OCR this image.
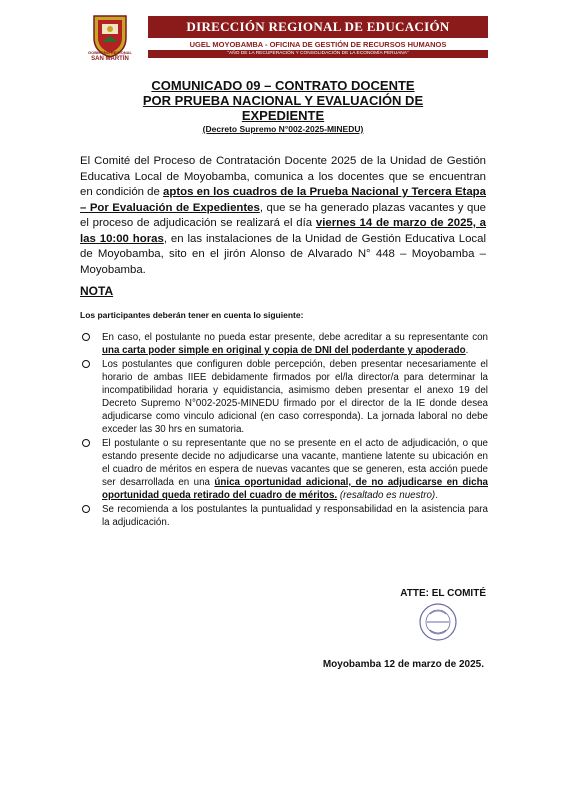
GOBIERNO REGIONAL
SAN MARTÍN
DIRECCIÓN REGIONAL DE EDUCACIÓN
UGEL MOYOBAMBA - OFICINA DE GESTIÓN DE RECURSOS HUMANOS
"AÑO DE LA RECUPERACIÓN Y CONSOLIDACIÓN DE LA ECONOMÍA PERUANA"

COMUNICADO 09 – CONTRATO DOCENTE

POR PRUEBA NACIONAL Y EVALUACIÓN DE

EXPEDIENTE

(Decreto Supremo N°002-2025-MINEDU)

El Comité del Proceso de Contratación Docente 2025 de la Unidad de Gestión Educativa Local de Moyobamba, comunica a los docentes que se encuentran en condición de aptos en los cuadros de la Prueba Nacional y Tercera Etapa – Por Evaluación de Expedientes, que se ha generado plazas vacantes y que el proceso de adjudicación se realizará el día viernes 14 de marzo de 2025, a las 10:00 horas, en las instalaciones de la Unidad de Gestión Educativa Local de Moyobamba, sito en el jirón Alonso de Alvarado N° 448 – Moyobamba – Moyobamba.

NOTA

Los participantes deberán tener en cuenta lo siguiente:

En caso, el postulante no pueda estar presente, debe acreditar a su representante con una carta poder simple en original y copia de DNI del poderdante y apoderado.
Los postulantes que configuren doble percepción, deben presentar necesariamente el horario de ambas IIEE debidamente firmados por el/la director/a para determinar la incompatibilidad horaria y equidistancia, asimismo deben presentar el anexo 19 del Decreto Supremo N°002-2025-MINEDU firmado por el director de la IE donde desea adjudicarse como vinculo adicional (en caso corresponda). La jornada laboral no debe exceder las 30 hrs en sumatoria.
El postulante o su representante que no se presente en el acto de adjudicación, o que estando presente decide no adjudicarse una vacante, mantiene latente su ubicación en el cuadro de méritos en espera de nuevas vacantes que se generen, esta acción puede ser desarrollada en una única oportunidad adicional, de no adjudicarse en dicha oportunidad queda retirado del cuadro de méritos. (resaltado es nuestro).
Se recomienda a los postulantes la puntualidad y responsabilidad en la asistencia para la adjudicación.

ATTE: EL COMITÉ

Moyobamba 12 de marzo de 2025.
